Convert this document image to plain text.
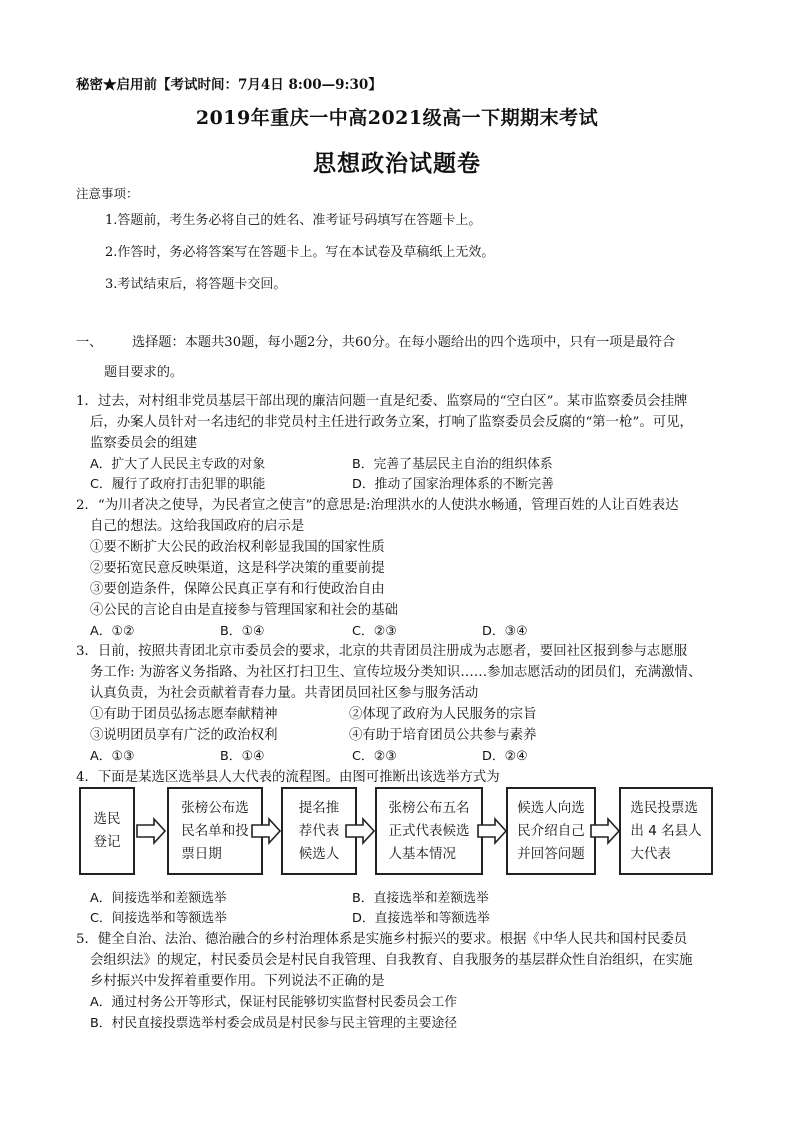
秘密★启用前【考试时间：7月4日 8:00—9:30】
2019年重庆一中高2021级高一下期期末考试
思想政治试题卷
注意事项：
1.答题前，考生务必将自己的姓名、准考证号码填写在答题卡上。
2.作答时，务必将答案写在答题卡上。写在本试卷及草稿纸上无效。
3.考试结束后，将答题卡交回。
一、 选择题：本题共30题，每小题2分，共60分。在每小题给出的四个选项中，只有一项是最符合
题目要求的。
1．过去，对村组非党员基层干部出现的廉洁问题一直是纪委、监察局的“空白区”。某市监察委员会挂牌
后，办案人员针对一名违纪的非党员村主任进行政务立案，打响了监察委员会反腐的“第一枪”。可见，
监察委员会的组建
A．扩大了人民民主专政的对象	B．完善了基层民主自治的组织体系
C．履行了政府打击犯罪的职能	D．推动了国家治理体系的不断完善
2．“为川者决之使导，为民者宣之使言”的意思是:治理洪水的人使洪水畅通，管理百姓的人让百姓表达
自己的想法。这给我国政府的启示是
①要不断扩大公民的政治权利彰显我国的国家性质
②要拓宽民意反映渠道，这是科学决策的重要前提
③要创造条件，保障公民真正享有和行使政治自由
④公民的言论自由是直接参与管理国家和社会的基础
A．①②	B．①④	C．②③	D．③④
3．日前，按照共青团北京市委员会的要求，北京的共青团员注册成为志愿者，要回社区报到参与志愿服
务工作: 为游客义务指路、为社区打扫卫生、宣传垃圾分类知识……参加志愿活动的团员们，充满激情、
认真负责，为社会贡献着青春力量。共青团员回社区参与服务活动
①有助于团员弘扬志愿奉献精神	②体现了政府为人民服务的宗旨
③说明团员享有广泛的政治权利	④有助于培育团员公共参与素养
A．①③	B．①④	C．②③	D．②④
4．下面是某选区选举县人大代表的流程图。由图可推断出该选举方式为
选民
登记
张榜公布选
民名单和投
票日期
提名推
荐代表
候选人
张榜公布五名
正式代表候选
人基本情况
候选人向选
民介绍自己
并回答问题
选民投票选
出 4 名县人
大代表
A．间接选举和差额选举	B．直接选举和差额选举
C．间接选举和等额选举	D．直接选举和等额选举
5．健全自治、法治、德治融合的乡村治理体系是实施乡村振兴的要求。根据《中华人民共和国村民委员
会组织法》的规定，村民委员会是村民自我管理、自我教育、自我服务的基层群众性自治组织，在实施
乡村振兴中发挥着重要作用。下列说法不正确的是
A．通过村务公开等形式，保证村民能够切实监督村民委员会工作
B．村民直接投票选举村委会成员是村民参与民主管理的主要途径
